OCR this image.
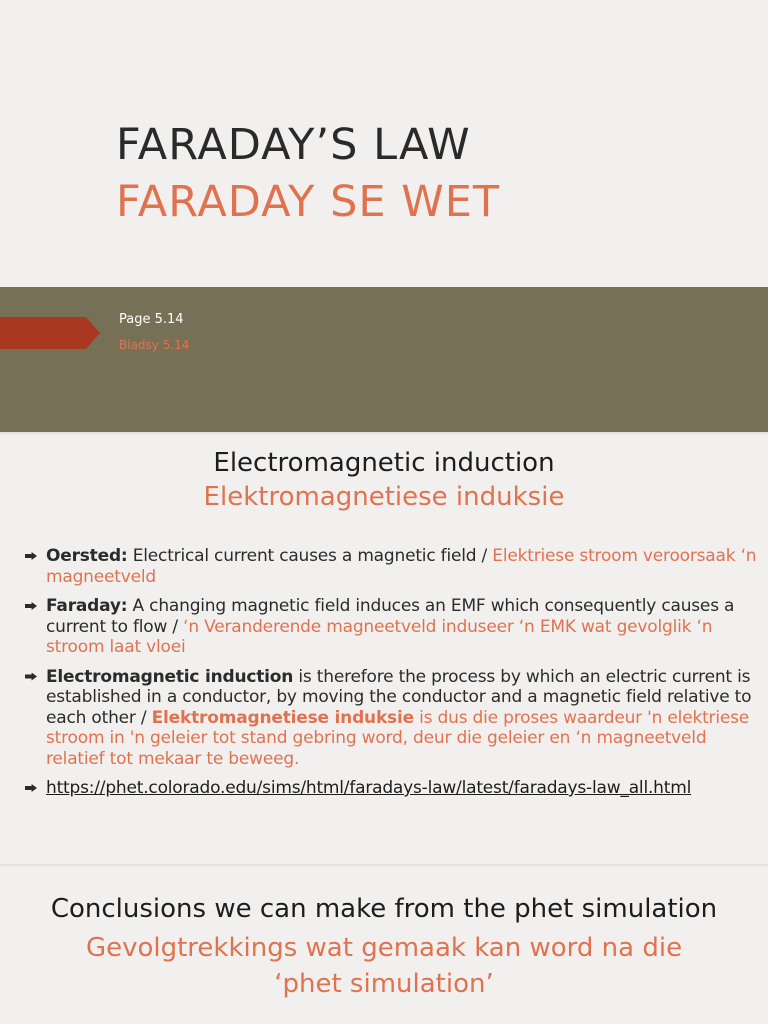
FARADAY’S LAW
FARADAY SE WET
Page 5.14
Bladsy 5.14
Electromagnetic induction
Elektromagnetiese induksie
Oersted: Electrical current causes a magnetic field / Elektriese stroom veroorsaak ‘n magneetveld
Faraday: A changing magnetic field induces an EMF which consequently causes a current to flow / ‘n Veranderende magneetveld induseer ‘n EMK wat gevolglik ‘n stroom laat vloei
Electromagnetic induction is therefore the process by which an electric current is established in a conductor, by moving the conductor and a magnetic field relative to each other / Elektromagnetiese induksie is dus die proses waardeur 'n elektriese stroom in 'n geleier tot stand gebring word, deur die geleier en ‘n magneetveld relatief tot mekaar te beweeg.
https://phet.colorado.edu/sims/html/faradays-law/latest/faradays-law_all.html
Conclusions we can make from the phet simulation
Gevolgtrekkings wat gemaak kan word na die ‘phet simulation’
